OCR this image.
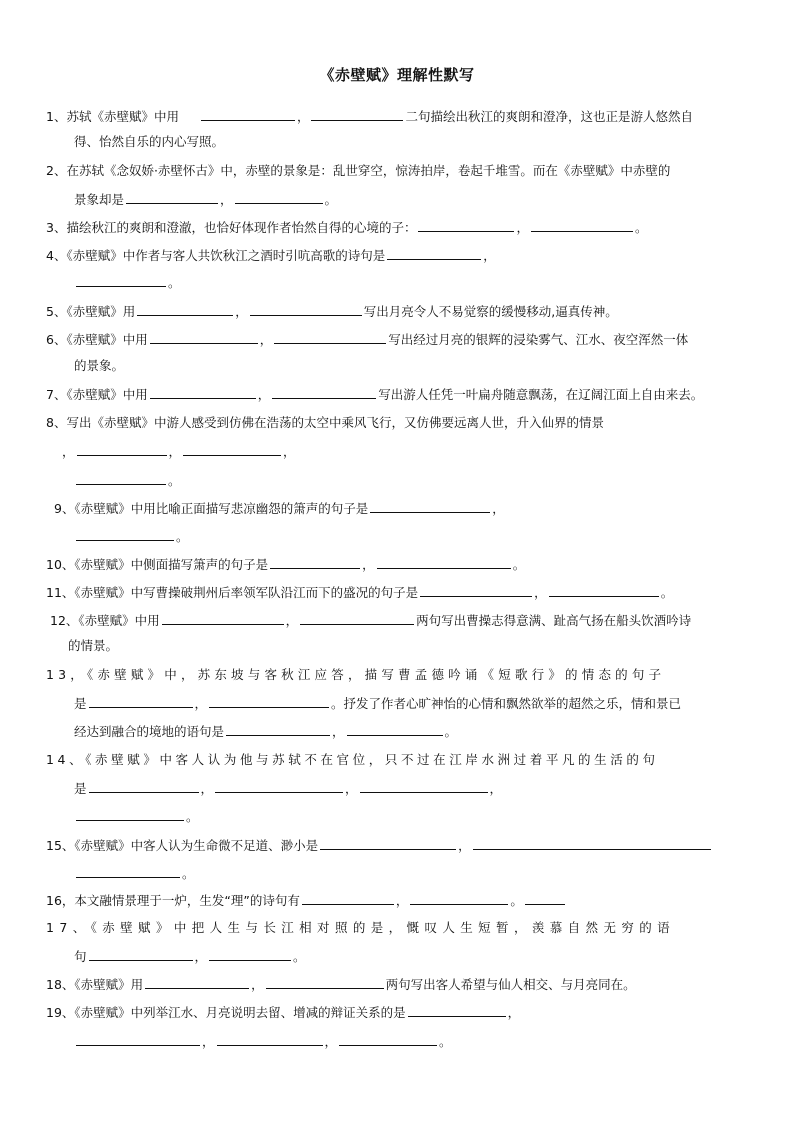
《赤壁赋》理解性默写
1、苏轼《赤壁赋》中用	，	二句描绘出秋江的爽朗和澄净，这也正是游人悠然自
得、怡然自乐的内心写照。
2、在苏轼《念奴娇·赤壁怀古》中，赤壁的景象是：乱世穿空，惊涛拍岸，卷起千堆雪。而在《赤壁赋》中赤壁的
景象却是	，	。
3、描绘秋江的爽朗和澄澈，也恰好体现作者怡然自得的心境的子：	，	。
4、《赤壁赋》中作者与客人共饮秋江之酒时引吭高歌的诗句是	，
。
5、《赤壁赋》用	，	写出月亮令人不易觉察的缓慢移动,逼真传神。
6、《赤壁赋》中用	，	写出经过月亮的银辉的浸染雾气、江水、夜空浑然一体
的景象。
7、《赤壁赋》中用	，	写出游人任凭一叶扁舟随意飘荡，在辽阔江面上自由来去。
8、写出《赤壁赋》中游人感受到仿佛在浩荡的太空中乘风飞行，又仿佛要远离人世，升入仙界的情景
，	，	，
。
9、《赤壁赋》中用比喻正面描写悲凉幽怨的箫声的句子是	，
。
10、《赤壁赋》中侧面描写箫声的句子是	，	。
11、《赤壁赋》中写曹操破荆州后率领军队沿江而下的盛况的句子是	，	。
12、《赤壁赋》中用	，	两句写出曹操志得意满、趾高气扬在船头饮酒吟诗
的情景。
13，《赤壁赋》中，苏东坡与客秋江应答，描写曹孟德吟诵《短歌行》的情态的句子
是	，	。抒发了作者心旷神怡的心情和飘然欲举的超然之乐，情和景已
经达到融合的境地的语句是	，	。
14、《赤壁赋》中客人认为他与苏轼不在官位，只不过在江岸水洲过着平凡的生活的句
是	，	，	，
。
15、《赤壁赋》中客人认为生命微不足道、渺小是	，
。
16，本文融情景理于一炉，生发“理”的诗句有	，	。
17、《赤壁赋》中把人生与长江相对照的是，慨叹人生短暂，羡慕自然无穷的语
句	，	。
18、《赤壁赋》用	，	两句写出客人希望与仙人相交、与月亮同在。
19、《赤壁赋》中列举江水、月亮说明去留、增减的辩证关系的是	，
，	，	。
